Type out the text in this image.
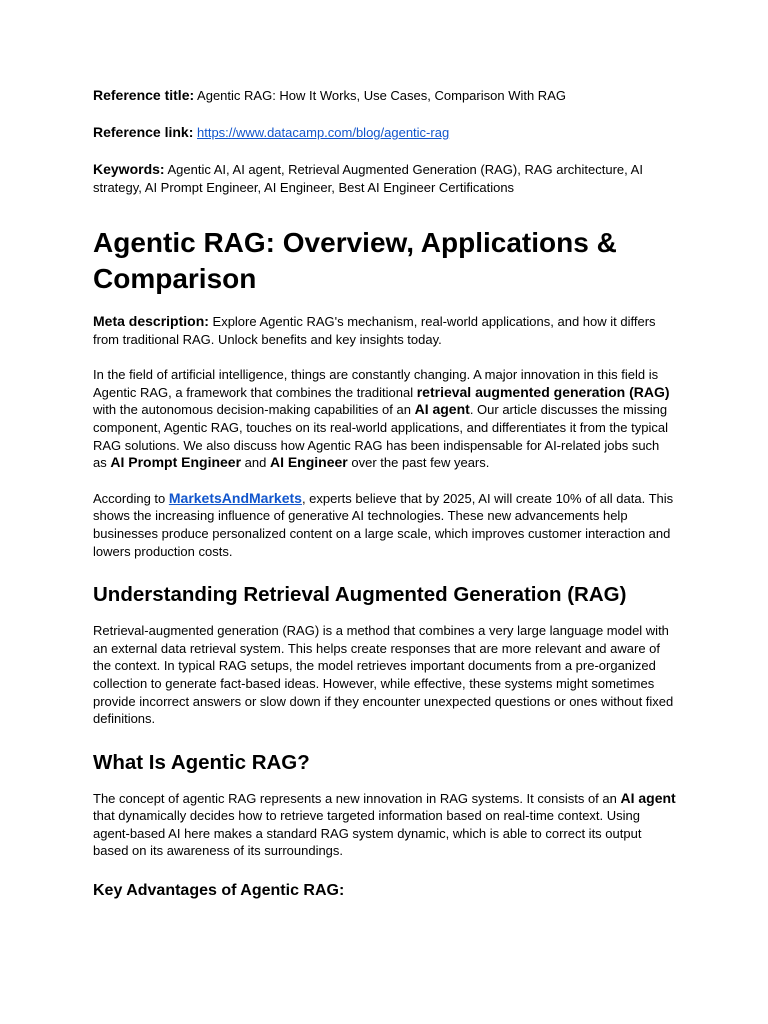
Reference title: Agentic RAG: How It Works, Use Cases, Comparison With RAG
Reference link: https://www.datacamp.com/blog/agentic-rag
Keywords: Agentic AI, AI agent, Retrieval Augmented Generation (RAG), RAG architecture, AI strategy, AI Prompt Engineer, AI Engineer, Best AI Engineer Certifications
Agentic RAG: Overview, Applications & Comparison

Meta description: Explore Agentic RAG's mechanism, real-world applications, and how it differs from traditional RAG. Unlock benefits and key insights today.

In the field of artificial intelligence, things are constantly changing. A major innovation in this field is Agentic RAG, a framework that combines the traditional retrieval augmented generation (RAG) with the autonomous decision-making capabilities of an AI agent. Our article discusses the missing component, Agentic RAG, touches on its real-world applications, and differentiates it from the typical RAG solutions. We also discuss how Agentic RAG has been indispensable for AI-related jobs such as AI Prompt Engineer and AI Engineer over the past few years.

According to MarketsAndMarkets, experts believe that by 2025, AI will create 10% of all data. This shows the increasing influence of generative AI technologies. These new advancements help businesses produce personalized content on a large scale, which improves customer interaction and lowers production costs.

Understanding Retrieval Augmented Generation (RAG)

Retrieval-augmented generation (RAG) is a method that combines a very large language model with an external data retrieval system. This helps create responses that are more relevant and aware of the context. In typical RAG setups, the model retrieves important documents from a pre-organized collection to generate fact-based ideas. However, while effective, these systems might sometimes provide incorrect answers or slow down if they encounter unexpected questions or ones without fixed definitions.

What Is Agentic RAG?

The concept of agentic RAG represents a new innovation in RAG systems. It consists of an AI agent that dynamically decides how to retrieve targeted information based on real-time context. Using agent-based AI here makes a standard RAG system dynamic, which is able to correct its output based on its awareness of its surroundings.

Key Advantages of Agentic RAG:
